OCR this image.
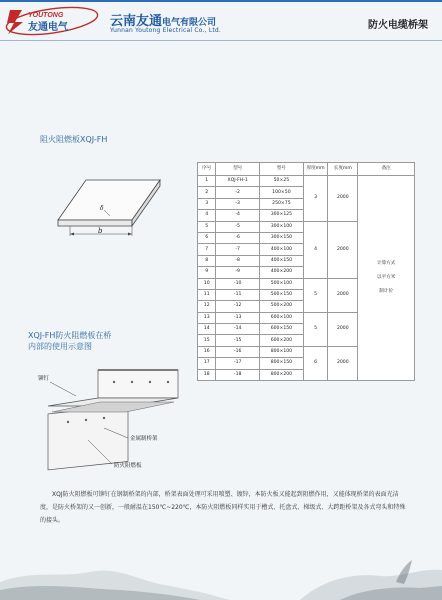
YOUTONG
友通电气	云南友通电气有限公司
Yunnan Youtong Electrical Co., Ltd.	防火电缆桥架
阻火阻燃板XQJ-FH
b
δ
序号	型号	型号	厚度mm	长度mm	备注
1	XQJ-FH-1	50×25	3	2000	计算方式
以平方米
制计价

2	-2	100×50			
3	-3	250×75			
4	-4	300×125			
5	-5	300×100	4	2000	
6	-6	300×150			
7	-7	400×100			
8	-8	400×150			
9	-9	400×200			
10	-10	500×100	5	2000	
11	-11	500×150			
12	-12	500×200			
13	-13	600×100	5	2000	
14	-14	600×150			
15	-15	600×200			
16	-16	800×100	6	2000	
17	-17	800×150			
18	-18	800×200			
XQJ-FH防火阻燃板在桥
内部的使用示意图
铆钉
金属制桥架
防火阻燃板
XQJ防火阻燃板可铆钉在钢制桥架的内部，桥架表面处理可采用喷塑、镀锌，本防火板又能起到阻燃作用，又能体现桥架的表面光洁度，是防火桥架的又一创新，一般耐温在150℃~220℃，本防火阻燃板同样实用于槽式、托盘式、梯级式、大跨距桥架及各式弯头和特殊的接头。
